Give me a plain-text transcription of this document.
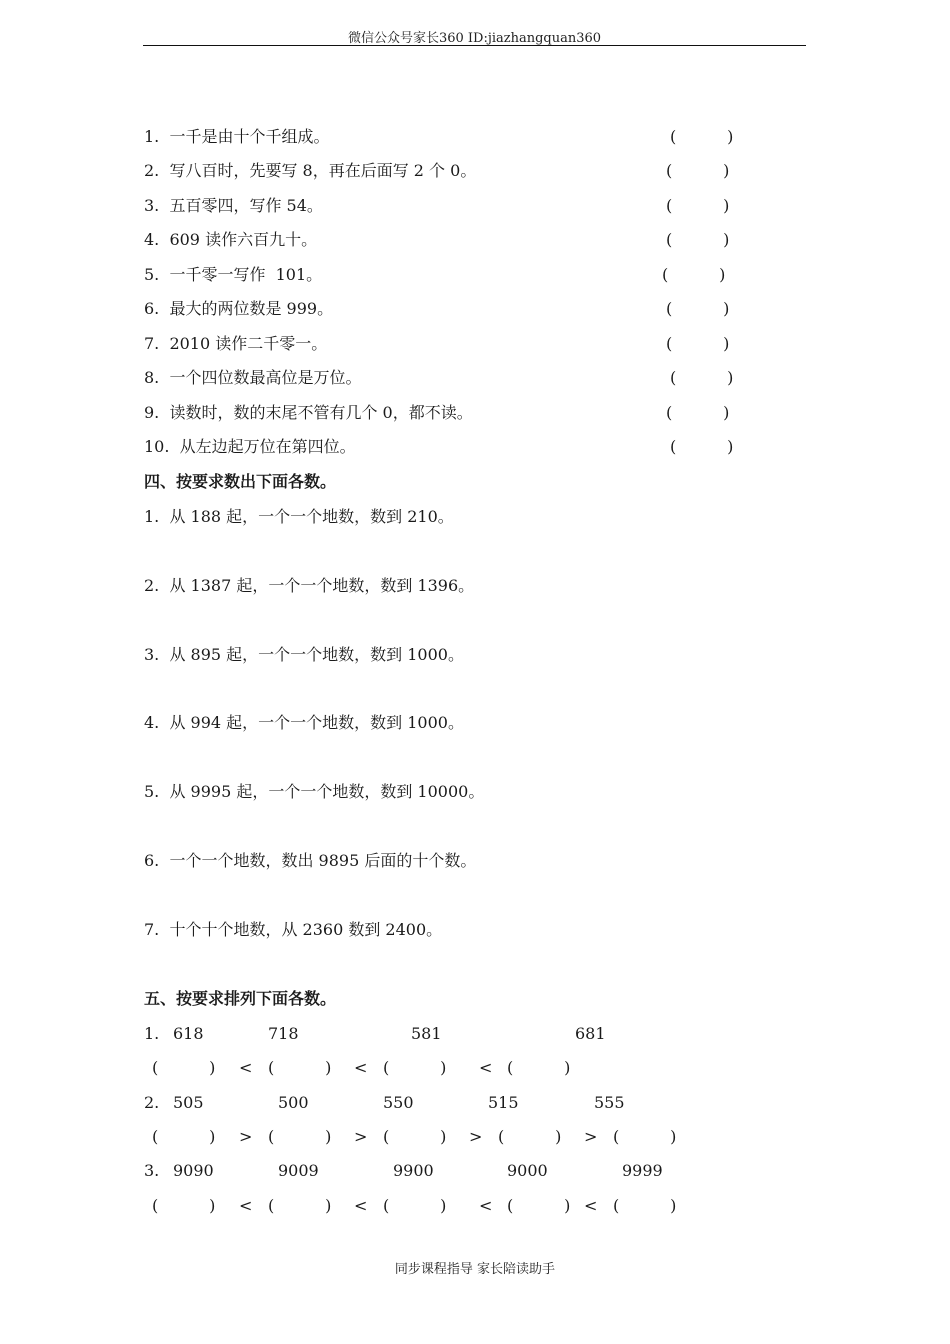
微信公众号家长360 ID:jiazhangquan360
1.  一千是由十个千组成。	(          )
2.  写八百时，先要写 8，再在后面写 2 个 0。	(          )
3.  五百零四，写作 54。	(          )
4.  609 读作六百九十。	(          )
5.  一千零一写作  101。	(          )
6.  最大的两位数是 999。	(          )
7.  2010 读作二千零一。	(          )
8.  一个四位数最高位是万位。	(          )
9.  读数时，数的末尾不管有几个 0，都不读。	(          )
10.  从左边起万位在第四位。	(          )
四、按要求数出下面各数。
1.  从 188 起，一个一个地数，数到 210。
2.  从 1387 起，一个一个地数，数到 1396。
3.  从 895 起，一个一个地数，数到 1000。
4.  从 994 起，一个一个地数，数到 1000。
5.  从 9995 起，一个一个地数，数到 10000。
6.  一个一个地数，数出 9895 后面的十个数。
7.  十个十个地数，从 2360 数到 2400。
五、按要求排列下面各数。
1. 618	718	581	681
(          ) < (          ) < (          ) < (          )
2. 505	500	550	515	555
(          ) > (          ) > (          ) > (          ) > (          )
3. 9090	9009	9900	9000	9999
(          ) < (          ) < (          ) < (          ) < (          )
同步课程指导 家长陪读助手
